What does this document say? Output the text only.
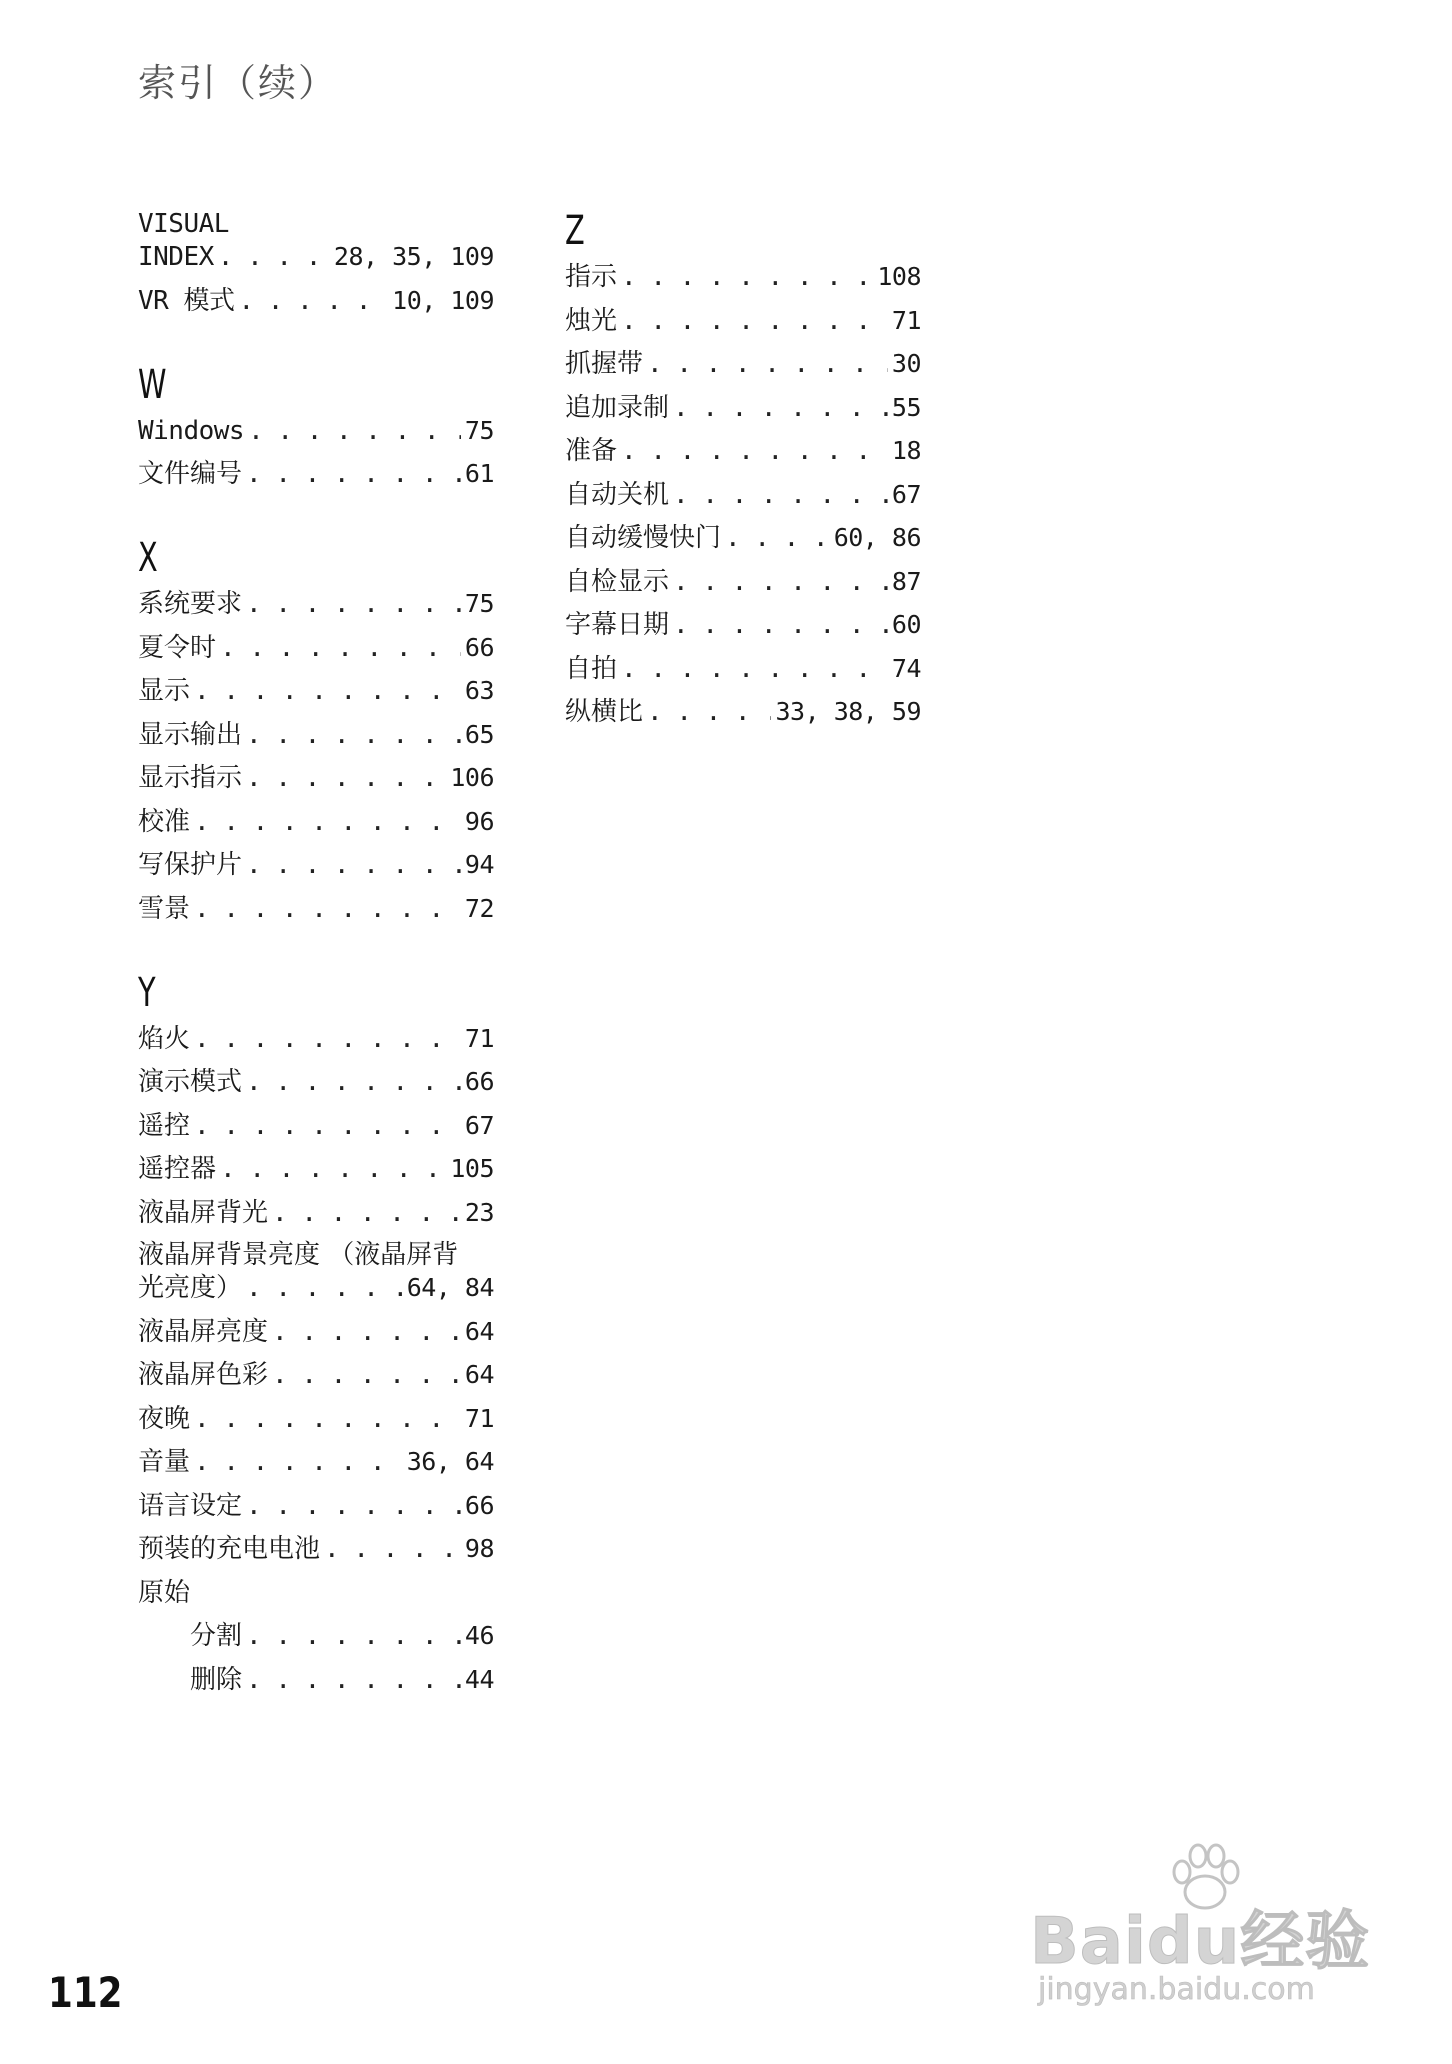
索引（续）
VISUAL
INDEX . . .	28, 35, 109
VR 模式 . . .	10, 109
W
Windows . . .	75
文件编号 . . .	61
X
系统要求 . . .	75
夏令时 . . .	66
显示 . . .	63
显示输出 . . .	65
显示指示 . . .	106
校准 . . .	96
写保护片 . . .	94
雪景 . . .	72
Y
焰火 . . .	71
演示模式 . . .	66
遥控 . . .	67
遥控器 . . .	105
液晶屏背光 . . .	23
液晶屏背景亮度 （液晶屏背
光亮度） . . .	64, 84
液晶屏亮度 . . .	64
液晶屏色彩 . . .	64
夜晚 . . .	71
音量 . . .	36, 64
语言设定 . . .	66
预装的充电电池 . . .	98
原始
分割 . . .	46
删除 . . .	44
Z
指示 . . .	108
烛光 . . .	71
抓握带 . . .	30
追加录制 . . .	55
准备 . . .	18
自动关机 . . .	67
自动缓慢快门 . . .	60, 86
自检显示 . . .	87
字幕日期 . . .	60
自拍 . . .	74
纵横比 . . .	33, 38, 59
112
Baidu经验
jingyan.baidu.com
